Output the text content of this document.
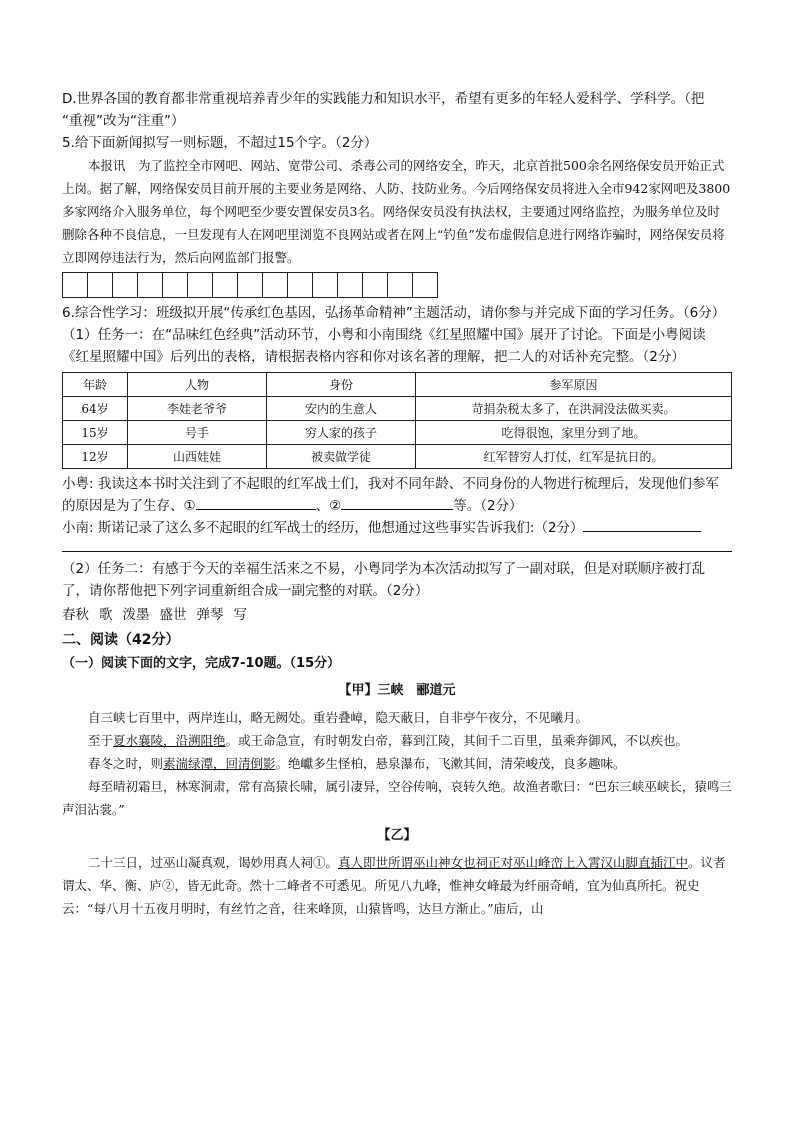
D.世界各国的教育都非常重视培养青少年的实践能力和知识水平，希望有更多的年轻人爱科学、学科学。（把

“重视”改为“注重”）

5.给下面新闻拟写一则标题，不超过15个字。（2分）

本报讯　为了监控全市网吧、网站、宽带公司、杀毒公司的网络安全，昨天，北京首批500余名网络保安员开始正式上岗。据了解，网络保安员目前开展的主要业务是网络、人防、技防业务。今后网络保安员将进入全市942家网吧及3800多家网络介入服务单位，每个网吧至少要安置保安员3名。网络保安员没有执法权，主要通过网络监控，为服务单位及时删除各种不良信息，一旦发现有人在网吧里浏览不良网站或者在网上“钓鱼”发布虚假信息进行网络诈骗时，网络保安员将立即网停违法行为，然后向网监部门报警。

6.综合性学习：班级拟开展“传承红色基因，弘扬革命精神”主题活动，请你参与并完成下面的学习任务。（6分）

（1）任务一：在“品味红色经典”活动环节，小粤和小南围绕《红星照耀中国》展开了讨论。下面是小粤阅读《红星照耀中国》后列出的表格，请根据表格内容和你对该名著的理解，把二人的对话补充完整。（2分）

年龄	人物	身份	参军原因
64岁	李娃老爷爷	安内的生意人	苛捐杂税太多了，在洪洞没法做买卖。
15岁	号手	穷人家的孩子	吃得很饱，家里分到了地。
12岁	山西娃娃	被卖做学徒	红军替穷人打仗，红军是抗日的。

小粤: 我读这本书时关注到了不起眼的红军战士们，我对不同年龄、不同身份的人物进行梳理后，发现他们参军的原因是为了生存、①	、②	等。（2分）

小南: 斯诺记录了这么多不起眼的红军战士的经历，他想通过这些事实告诉我们:（2分）

（2）任务二：有感于今天的幸福生活来之不易，小粤同学为本次活动拟写了一副对联，但是对联顺序被打乱了，请你帮他把下列字词重新组合成一副完整的对联。（2分）

春秋 歌 泼墨 盛世 弹琴 写

二、阅读（42分）

（一）阅读下面的文字，完成7-10题。（15分）

【甲】三峡　郦道元

自三峡七百里中，两岸连山，略无阙处。重岩叠嶂，隐天蔽日，自非亭午夜分，不见曦月。

至于夏水襄陵，沿溯阻绝。或王命急宣，有时朝发白帝，暮到江陵，其间千二百里，虽乘奔御风，不以疾也。

春冬之时，则素湍绿潭，回清倒影。绝巘多生怪柏，悬泉瀑布，飞漱其间，清荣峻茂，良多趣味。

每至晴初霜旦，林寒涧肃，常有高猿长啸，属引凄异，空谷传响，哀转久绝。故渔者歌曰：“巴东三峡巫峡长，猿鸣三声泪沾裳。”

【乙】

二十三日，过巫山凝真观，谒妙用真人祠①。真人即世所谓巫山神女也祠正对巫山峰峦上入霄汉山脚直插江中。议者谓太、华、衡、庐②，皆无此奇。然十二峰者不可悉见。所见八九峰，惟神女峰最为纤丽奇峭，宜为仙真所托。祝史云：“每八月十五夜月明时，有丝竹之音，往来峰顶，山猿皆鸣，达旦方渐止。”庙后，山
